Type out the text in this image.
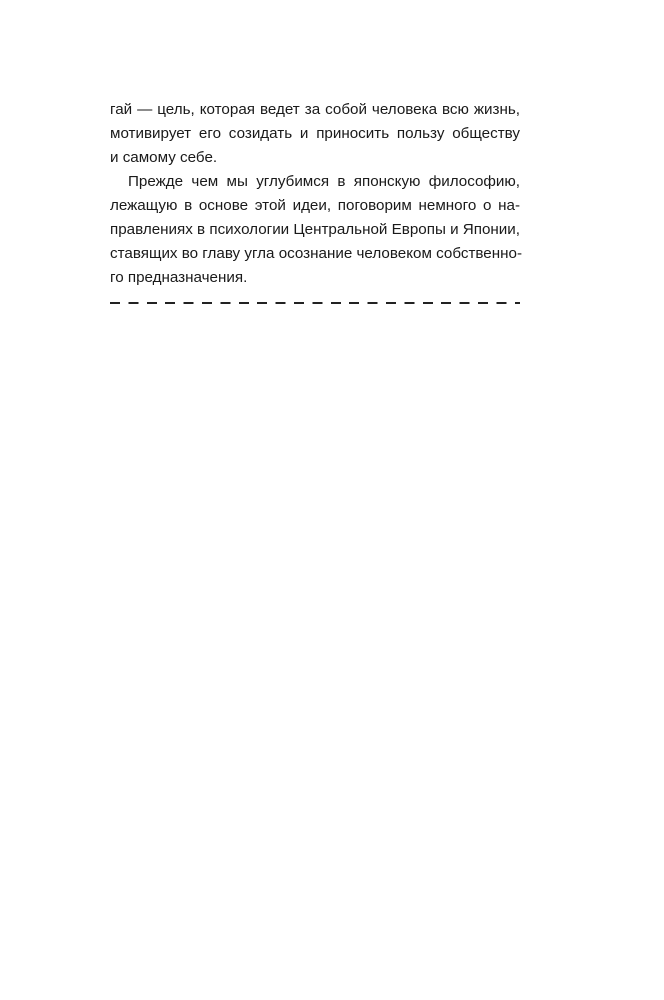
гай — цель, которая ведет за собой человека всю жизнь,
мотивирует его созидать и приносить пользу обществу
и самому себе.
Прежде чем мы углубимся в японскую философию,
лежащую в основе этой идеи, поговорим немного о на-
правлениях в психологии Центральной Европы и Японии,
ставящих во главу угла осознание человеком собственно-
го предназначения.
